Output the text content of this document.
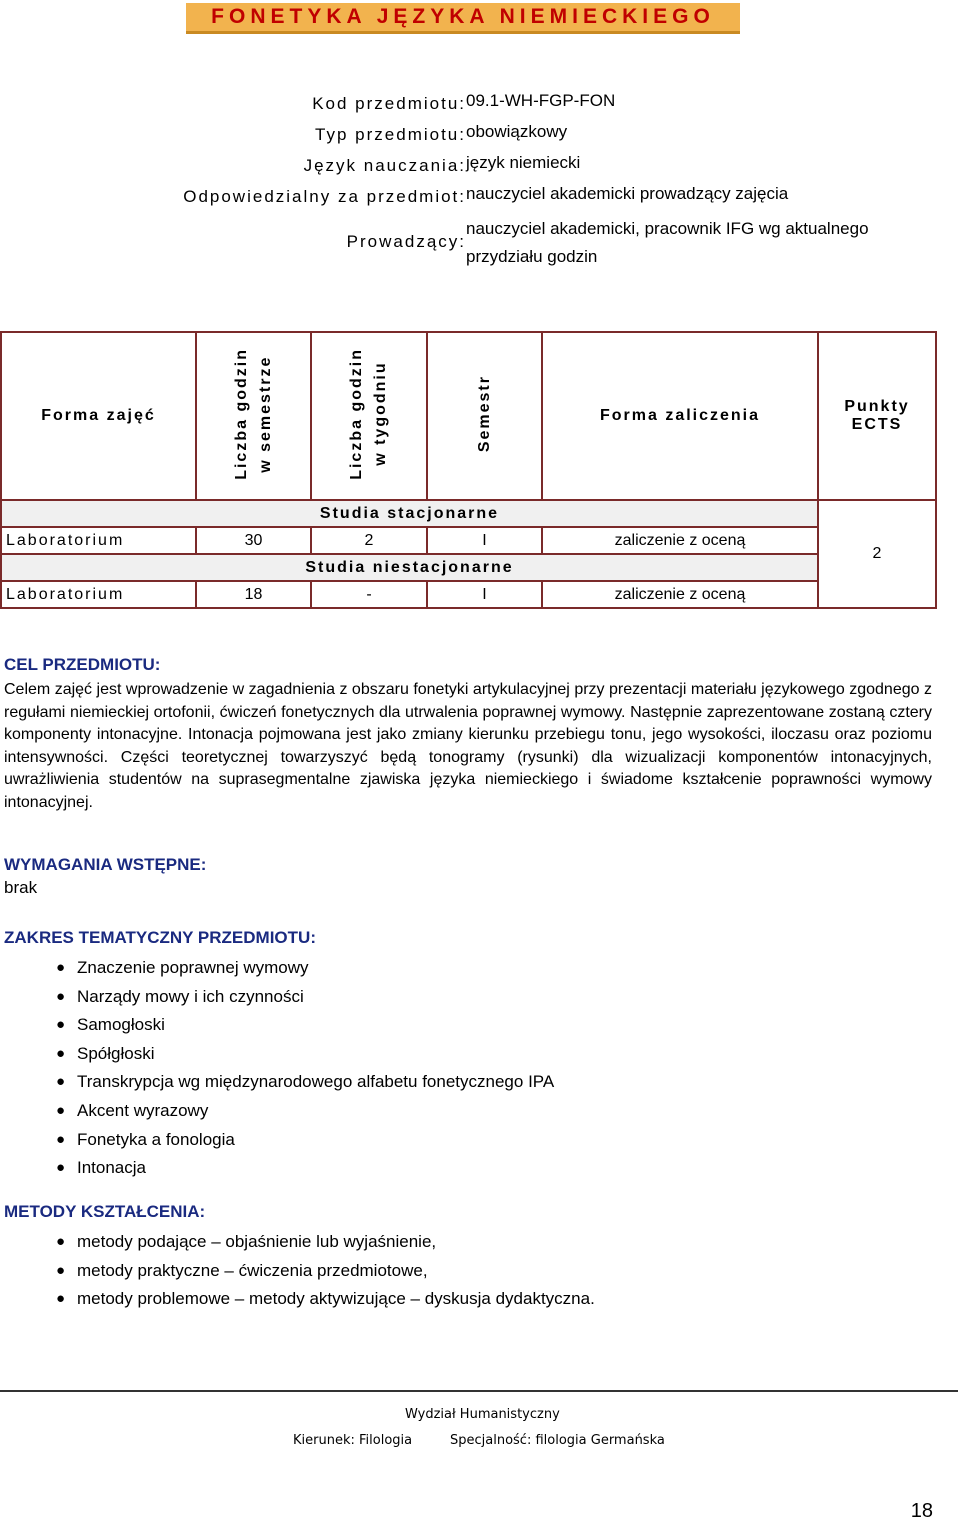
FONETYKA JĘZYKA NIEMIECKIEGO
Kod przedmiotu: 09.1-WH-FGP-FON
Typ przedmiotu: obowiązkowy
Język nauczania: język niemiecki
Odpowiedzialny za przedmiot: nauczyciel akademicki prowadzący zajęcia
Prowadzący:
nauczyciel akademicki, pracownik IFG wg aktualnego
przydziału godzin
Forma zajęć	Liczba godzin w semestrze	Liczba godzin w tygodniu	Semestr	Forma zaliczenia	Punkty
ECTS
Studia stacjonarne					2
Laboratorium	30	2	I	zaliczenie z oceną	
Studia niestacjonarne					
Laboratorium	18	-	I	zaliczenie z oceną	
CEL PRZEDMIOTU:
Celem zajęć jest wprowadzenie w zagadnienia z obszaru fonetyki artykulacyjnej przy prezentacji materiału językowego zgodnego z regułami niemieckiej ortofonii, ćwiczeń fonetycznych dla utrwalenia poprawnej wymowy. Następnie zaprezentowane zostaną cztery komponenty intonacyjne. Intonacja pojmowana jest jako zmiany kierunku przebiegu tonu, jego wysokości, iloczasu oraz poziomu intensywności. Części teoretycznej towarzyszyć będą tonogramy (rysunki) dla wizualizacji komponentów intonacyjnych, uwrażliwienia studentów na suprasegmentalne zjawiska języka niemieckiego i świadome kształcenie poprawności wymowy intonacyjnej.
WYMAGANIA WSTĘPNE:
brak
ZAKRES TEMATYCZNY PRZEDMIOTU:
● Znaczenie poprawnej wymowy
● Narządy mowy i ich czynności
● Samogłoski
● Spółgłoski
● Transkrypcja wg międzynarodowego alfabetu fonetycznego IPA
● Akcent wyrazowy
● Fonetyka a fonologia
● Intonacja
METODY KSZTAŁCENIA:
● metody podające – objaśnienie lub wyjaśnienie,
● metody praktyczne – ćwiczenia przedmiotowe,
● metody problemowe – metody aktywizujące – dyskusja dydaktyczna.
Wydział Humanistyczny
Kierunek: Filologia	Specjalność: filologia Germańska
18
